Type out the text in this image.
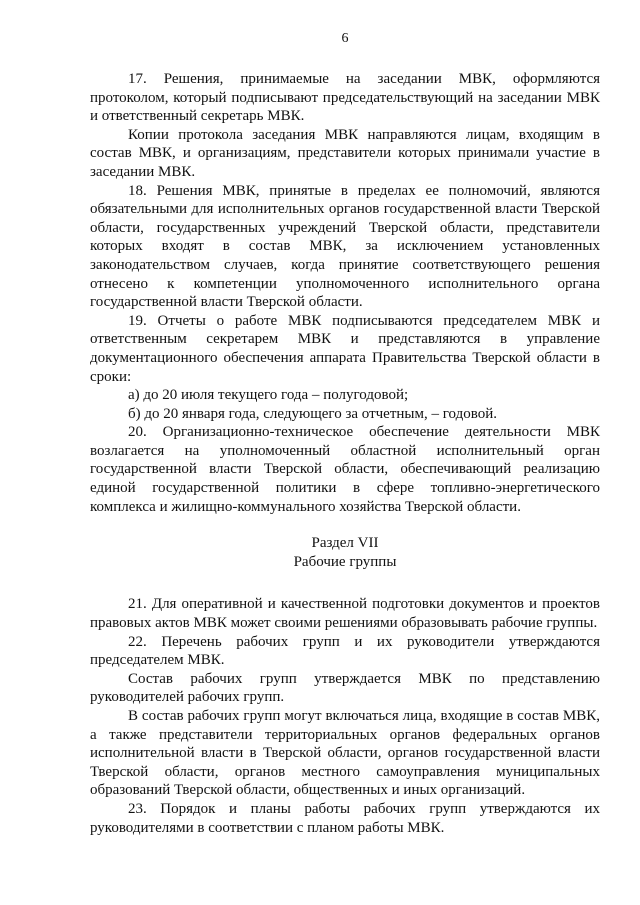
6

17. Решения, принимаемые на заседании МВК, оформляются протоколом, который подписывают председательствующий на заседании МВК и ответственный секретарь МВК.

Копии протокола заседания МВК направляются лицам, входящим в состав МВК, и организациям, представители которых принимали участие в заседании МВК.

18. Решения МВК, принятые в пределах ее полномочий, являются обязательными для исполнительных органов государственной власти Тверской области, государственных учреждений Тверской области, представители которых входят в состав МВК, за исключением установленных законодательством случаев, когда принятие соответствующего решения отнесено к компетенции уполномоченного исполнительного органа государственной власти Тверской области.

19. Отчеты о работе МВК подписываются председателем МВК и ответственным секретарем МВК и представляются в управление документационного обеспечения аппарата Правительства Тверской области в сроки:

а) до 20 июля текущего года – полугодовой;

б) до 20 января года, следующего за отчетным, – годовой.

20. Организационно-техническое обеспечение деятельности МВК возлагается на уполномоченный областной исполнительный орган государственной власти Тверской области, обеспечивающий реализацию единой государственной политики в сфере топливно-энергетического комплекса и жилищно-коммунального хозяйства Тверской области.

Раздел VII

Рабочие группы

21. Для оперативной и качественной подготовки документов и проектов правовых актов МВК может своими решениями образовывать рабочие группы.

22. Перечень рабочих групп и их руководители утверждаются председателем МВК.

Состав рабочих групп утверждается МВК по представлению руководителей рабочих групп.

В состав рабочих групп могут включаться лица, входящие в состав МВК, а также представители территориальных органов федеральных органов исполнительной власти в Тверской области, органов государственной власти Тверской области, органов местного самоуправления муниципальных образований Тверской области, общественных и иных организаций.

23. Порядок и планы работы рабочих групп утверждаются их руководителями в соответствии с планом работы МВК.
